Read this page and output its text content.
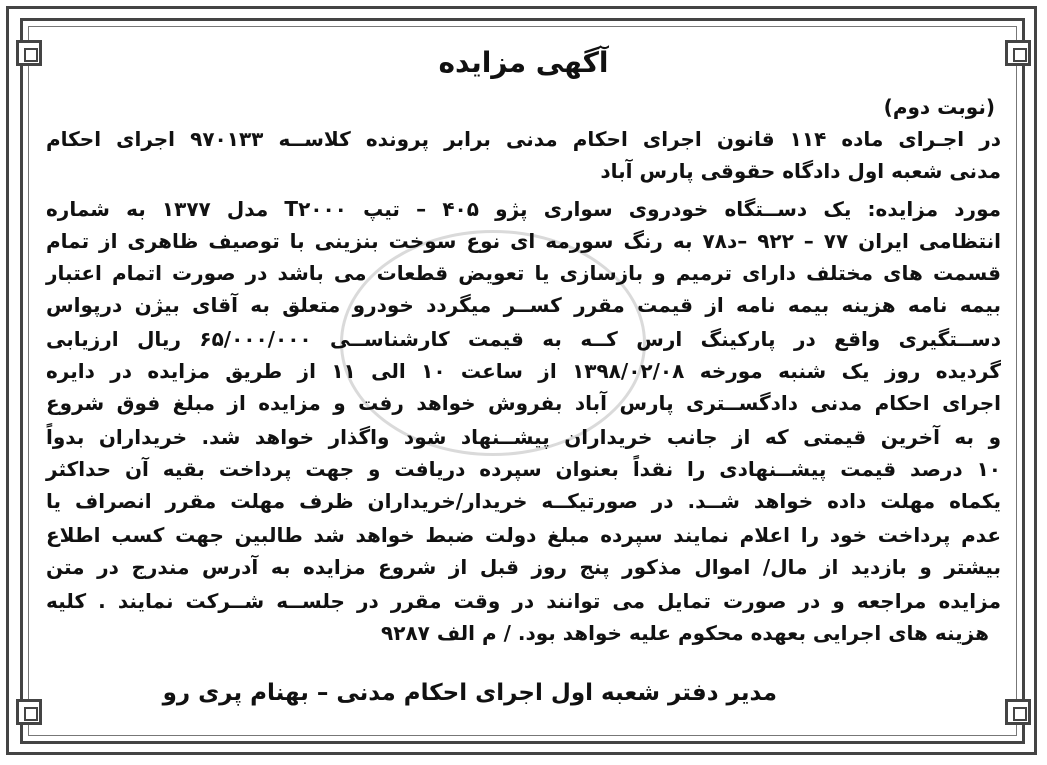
آگهی مزایده
(نوبت دوم)
در اجـرای ماده ۱۱۴ قانون اجرای احکام مدنی برابر پرونده کلاســه ۹۷۰۱۳۳ اجرای احکام
مدنی شعبه اول دادگاه حقوقی پارس آباد
مورد مزایده: یک دســتگاه خودروی سواری پژو ۴۰۵ – تیپ T۲۰۰۰ مدل ۱۳۷۷ به شماره
انتظامی ایران ۷۷ – ۹۲۲ –د۷۸ به رنگ سورمه ای نوع سوخت بنزینی با توصیف ظاهری از تمام
قسمت های مختلف دارای ترمیم و بازسازی یا تعویض قطعات می باشد در صورت اتمام اعتبار
بیمه نامه هزینه بیمه نامه از قیمت مقرر کســر میگردد خودرو متعلق به آقای بیژن درپواس
دســتگیری واقع در پارکینگ ارس کــه به قیمت کارشناســی ۶۵/۰۰۰/۰۰۰ ریال ارزیابی
گردیده روز یک شنبه مورخه ۱۳۹۸/۰۲/۰۸ از ساعت ۱۰ الی ۱۱ از طریق مزایده در دایره
اجرای احکام مدنی دادگســتری پارس آباد بفروش خواهد رفت و مزایده از مبلغ فوق شروع
و به آخرین قیمتی که از جانب خریداران پیشــنهاد شود واگذار خواهد شد. خریداران بدواً
۱۰ درصد قیمت پیشــنهادی را نقداً بعنوان سپرده دریافت و جهت پرداخت بقیه آن حداکثر
یکماه مهلت داده خواهد شــد. در صورتیکــه خریدار/خریداران ظرف مهلت مقرر انصراف یا
عدم پرداخت خود را اعلام نمایند سپرده مبلغ دولت ضبط خواهد شد طالبین جهت کسب اطلاع
بیشتر و بازدید از مال/ اموال مذکور پنج روز قبل از شروع مزایده به آدرس مندرج در متن
مزایده مراجعه و در صورت تمایل می توانند در وقت مقرر در جلســه شــرکت نمایند . کلیه
هزینه های اجرایی بعهده محکوم علیه خواهد بود. / م الف ۹۲۸۷
مدیر دفتر شعبه اول اجرای احکام مدنی – بهنام پری رو
